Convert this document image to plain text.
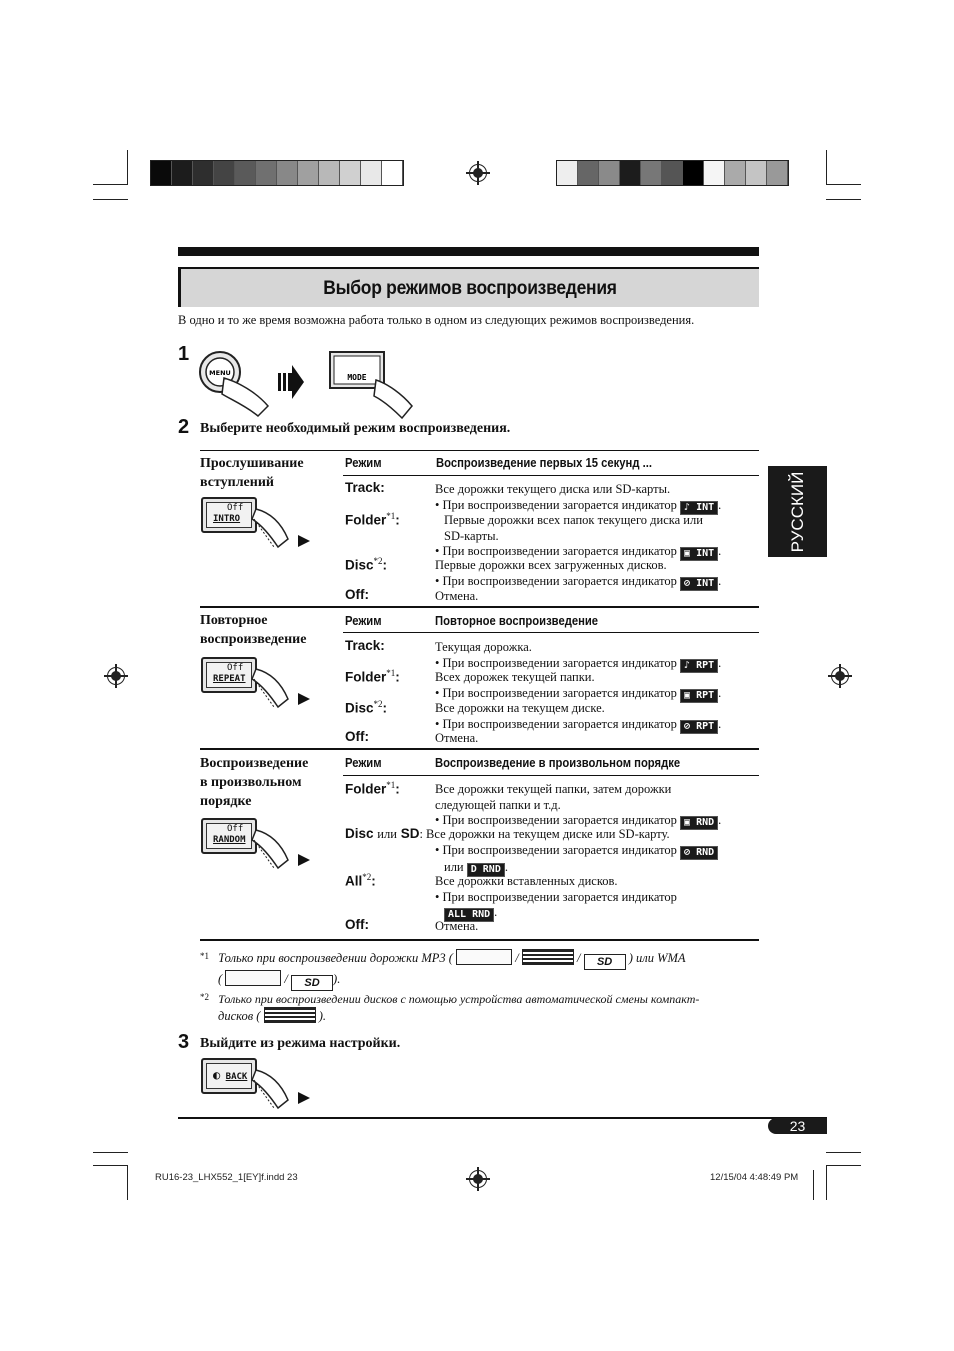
Выбор режимов воспроизведения
В одно и то же время возможна работа только в одном из следующих режимов воспроизведения.
РУССКИЙ
1
MENU	MODE
2 Выберите необходимый режим воспроизведения.
Прослушивание
вступлений
Off
INTRO
Режим	Воспроизведение первых 15 секунд ...
Track:	Все дорожки текущего диска или SD-карты.
• При воспроизведении загорается индикатор ♪ INT .
Folder$^{*1}$:	Первые дорожки всех папок текущего диска или
SD-карты.
• При воспроизведении загорается индикатор ▣ INT .
Disc$^{*2}$:	Первые дорожки всех загруженных дисков.
• При воспроизведении загорается индикатор ⊘ INT .
Off:	Отмена.
Повторное
воспроизведение
Off
REPEAT
Режим	Повторное воспроизведение
Track:	Текущая дорожка.
• При воспроизведении загорается индикатор ♪ RPT .
Folder$^{*1}$:	Всех дорожек текущей папки.
• При воспроизведении загорается индикатор ▣ RPT .
Disc$^{*2}$:	Все дорожки на текущем диске.
• При воспроизведении загорается индикатор ⊘ RPT .
Off:	Отмена.
Воспроизведение
в произвольном
порядке
Off
RANDOM
Режим	Воспроизведение в произвольном порядке
Folder$^{*1}$:	Все дорожки текущей папки, затем дорожки
следующей папки и т.д.
• При воспроизведении загорается индикатор ▣ RND .
Disc или SD: Все дорожки на текущем диске или SD-карту.
• При воспроизведении загорается индикатор ⊘ RND
или D RND .
All$^{*2}$:	Все дорожки вставленных дисков.
• При воспроизведении загорается индикатор
ALL RND .
Off:	Отмена.
$^{*1}$ Только при воспроизведении дорожки MP3 (	/	/ SD ) или WMA
(	/ SD ).
$^{*2}$ Только при воспроизведении дисков с помощью устройства автоматической смены компакт-
дисков (	).
3 Выйдите из режима настройки.
◐ BACK
23
RU16-23_LHX552_1[EY]f.indd 23	12/15/04 4:48:49 PM
